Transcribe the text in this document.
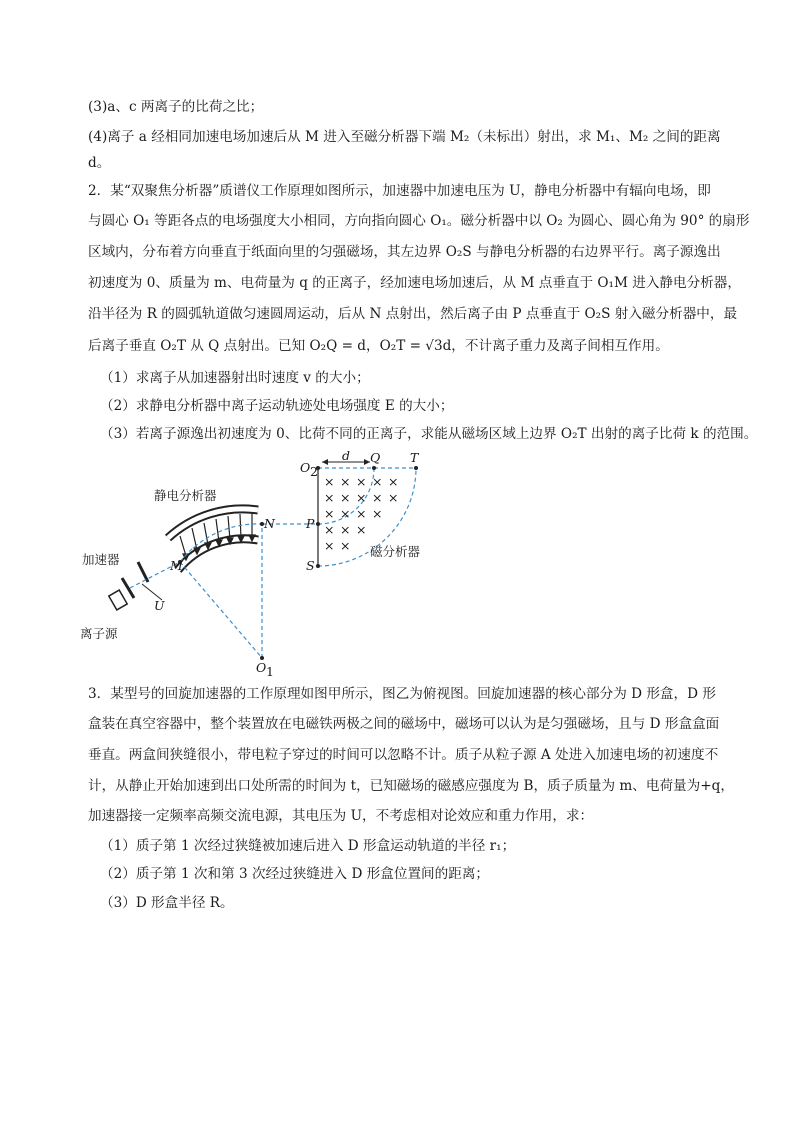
(3)a、c 两离子的比荷之比；
(4)离子 a 经相同加速电场加速后从 M 进入至磁分析器下端 M₂（未标出）射出，求 M₁、M₂ 之间的距离
d。
2．某“双聚焦分析器”质谱仪工作原理如图所示，加速器中加速电压为 U，静电分析器中有辐向电场，即
与圆心 O₁ 等距各点的电场强度大小相同，方向指向圆心 O₁。磁分析器中以 O₂ 为圆心、圆心角为 90° 的扇形
区域内，分布着方向垂直于纸面向里的匀强磁场，其左边界 O₂S 与静电分析器的右边界平行。离子源逸出
初速度为 0、质量为 m、电荷量为 q 的正离子，经加速电场加速后，从 M 点垂直于 O₁M 进入静电分析器，
沿半径为 R 的圆弧轨道做匀速圆周运动，后从 N 点射出，然后离子由 P 点垂直于 O₂S 射入磁分析器中，最
后离子垂直 O₂T 从 Q 点射出。已知 O₂Q = d，O₂T = √3d，不计离子重力及离子间相互作用。
（1）求离子从加速器射出时速度 v 的大小；
（2）求静电分析器中离子运动轨迹处电场强度 E 的大小；
（3）若离子源逸出初速度为 0、比荷不同的正离子，求能从磁场区域上边界 O₂T 出射的离子比荷 k 的范围。
× × × × ×
× × × × ×
× × × ×
× × ×
× ×
静电分析器
加速器
离子源
磁分析器
U
M
N
O 1
O 2
d Q T
P
S
3．某型号的回旋加速器的工作原理如图甲所示，图乙为俯视图。回旋加速器的核心部分为 D 形盒，D 形
盒装在真空容器中，整个装置放在电磁铁两极之间的磁场中，磁场可以认为是匀强磁场，且与 D 形盒盒面
垂直。两盒间狭缝很小，带电粒子穿过的时间可以忽略不计。质子从粒子源 A 处进入加速电场的初速度不
计，从静止开始加速到出口处所需的时间为 t，已知磁场的磁感应强度为 B，质子质量为 m、电荷量为+q，
加速器接一定频率高频交流电源，其电压为 U，不考虑相对论效应和重力作用，求：
（1）质子第 1 次经过狭缝被加速后进入 D 形盒运动轨道的半径 r₁；
（2）质子第 1 次和第 3 次经过狭缝进入 D 形盒位置间的距离；
（3）D 形盒半径 R。
